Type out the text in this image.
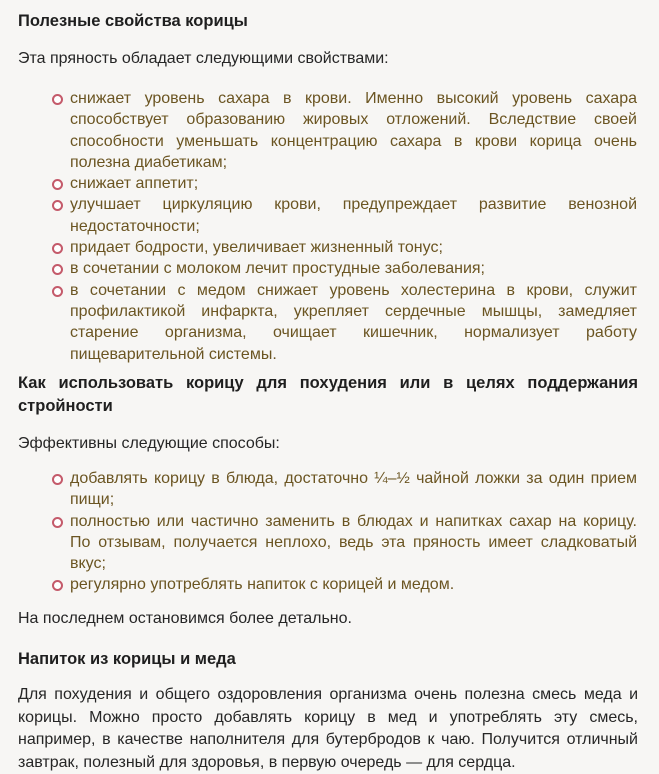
Полезные свойства корицы

Эта пряность обладает следующими свойствами:

снижает уровень сахара в крови. Именно высокий уровень сахара способствует образованию жировых отложений. Вследствие своей способности уменьшать концентрацию сахара в крови корица очень полезна диабетикам;
снижает аппетит;
улучшает циркуляцию крови, предупреждает развитие венозной недостаточности;
придает бодрости, увеличивает жизненный тонус;
в сочетании с молоком лечит простудные заболевания;
в сочетании с медом снижает уровень холестерина в крови, служит профилактикой инфаркта, укрепляет сердечные мышцы, замедляет старение организма, очищает кишечник, нормализует работу пищеварительной системы.
Как использовать корицу для похудения или в целях поддержания стройности

Эффективны следующие способы:

добавлять корицу в блюда, достаточно ¼–½ чайной ложки за один прием пищи;
полностью или частично заменить в блюдах и напитках сахар на корицу. По отзывам, получается неплохо, ведь эта пряность имеет сладковатый вкус;
регулярно употреблять напиток с корицей и медом.

На последнем остановимся более детально.

Напиток из корицы и меда

Для похудения и общего оздоровления организма очень полезна смесь меда и корицы. Можно просто добавлять корицу в мед и употреблять эту смесь, например, в качестве наполнителя для бутербродов к чаю. Получится отличный завтрак, полезный для здоровья, в первую очередь — для сердца.
